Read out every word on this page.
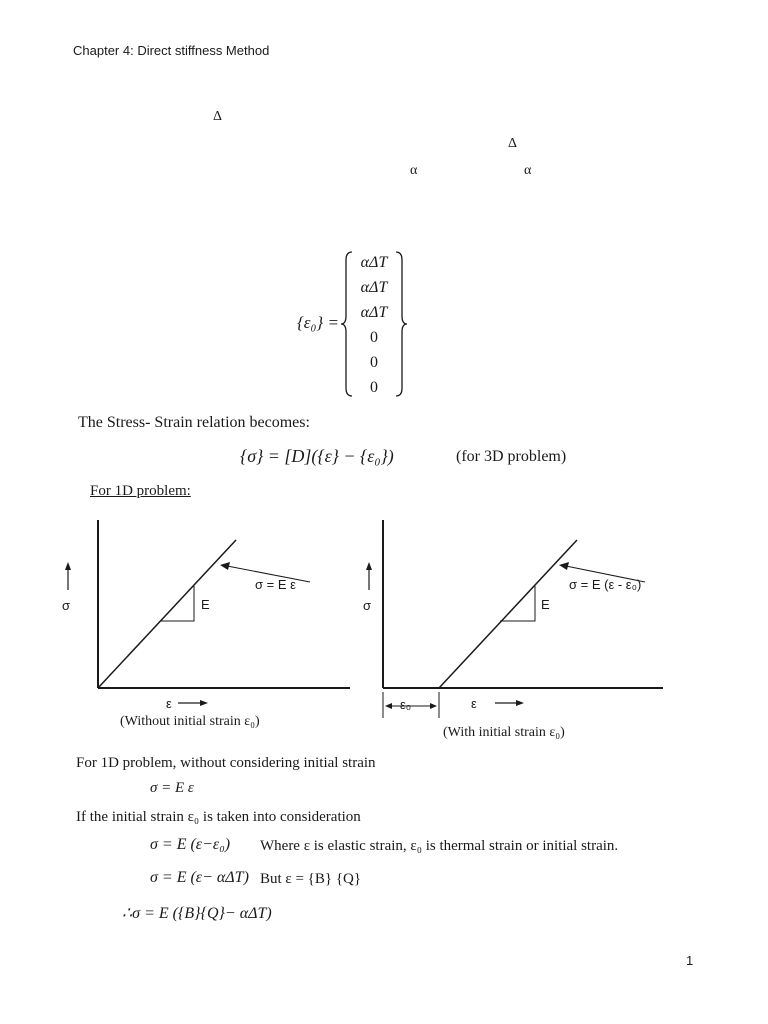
Chapter 4: Direct stiffness Method
Δ
Δ
α	α
{ε₀} =
αΔT
αΔT
αΔT
0
0
0
The Stress- Strain relation becomes:
{σ} = [D]({ε} − {ε₀})	(for 3D problem)
For 1D problem:
σ
ε
σ = E ε
E
(Without initial strain ε₀)
σ
ε
ε₀
σ = E (ε - ε₀)
E
(With initial strain ε₀)
For 1D problem, without considering initial strain
σ = E ε
If the initial strain ε₀ is taken into consideration
σ = E (ε−ε₀) Where ε is elastic strain, ε₀ is thermal strain or initial strain.
σ = E (ε− αΔT) But ε = {B} {Q}
∴σ = E ({B}{Q}− αΔT)
1
